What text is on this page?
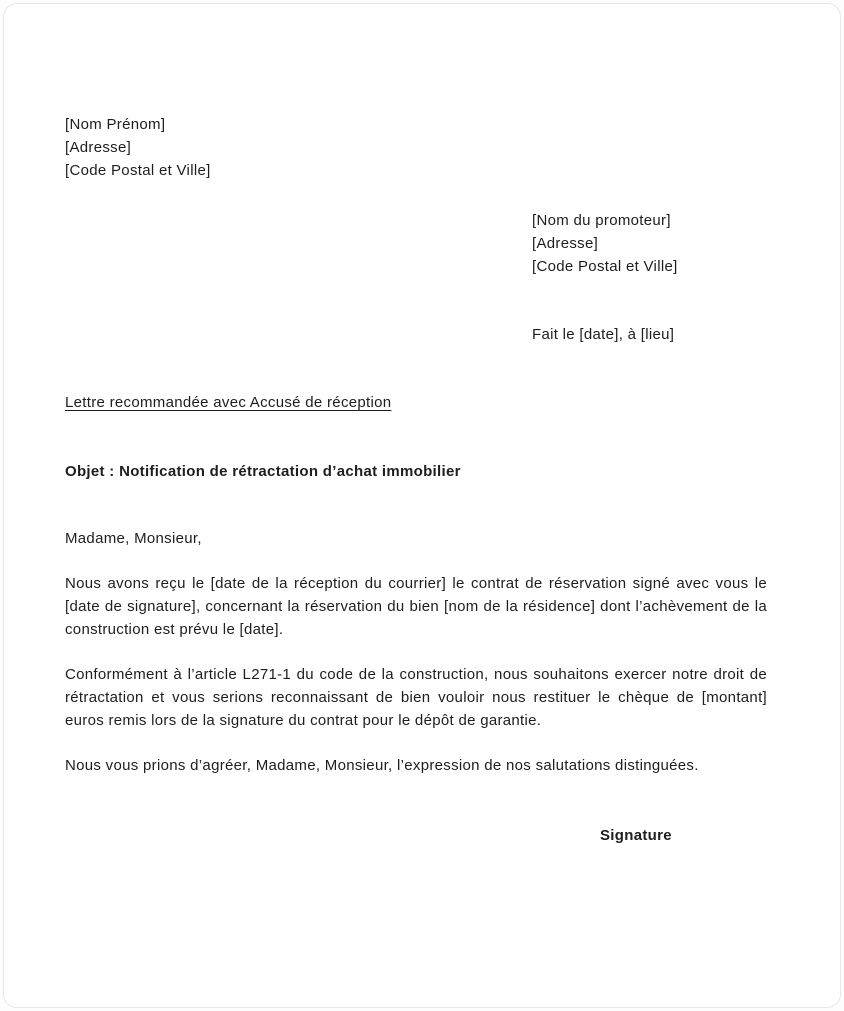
[Nom Prénom]
[Adresse]
[Code Postal et Ville]
[Nom du promoteur]
[Adresse]
[Code Postal et Ville]
Fait le [date], à [lieu]
Lettre recommandée avec Accusé de réception
Objet : Notification de rétractation d’achat immobilier
Madame, Monsieur,

Nous avons reçu le [date de la réception du courrier] le contrat de réservation signé avec vous le [date de signature], concernant la réservation du bien [nom de la résidence] dont l’achèvement de la construction est prévu le [date].

Conformément à l’article L271-1 du code de la construction, nous souhaitons exercer notre droit de rétractation et vous serions reconnaissant de bien vouloir nous restituer le chèque de [montant] euros remis lors de la signature du contrat pour le dépôt de garantie.

Nous vous prions d’agréer, Madame, Monsieur, l’expression de nos salutations distinguées.

Signature
